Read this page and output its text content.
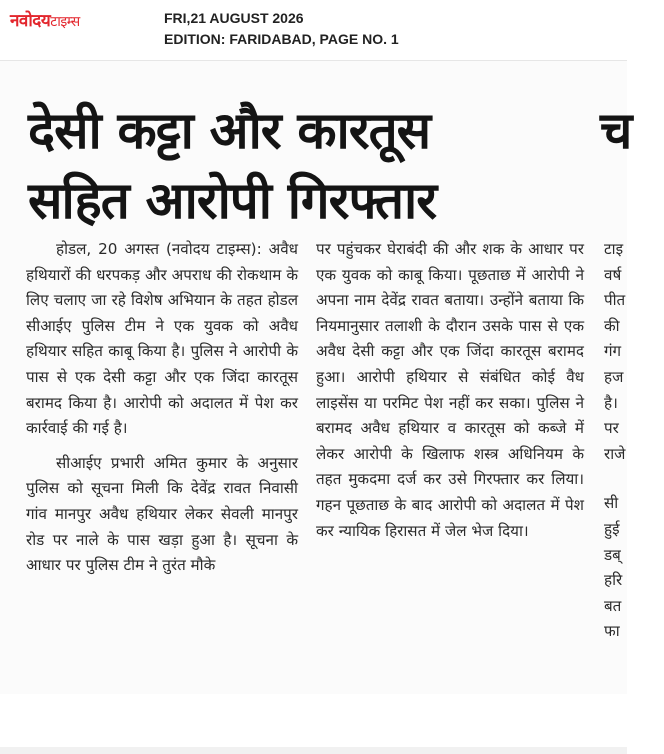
नवोदयटाइम्स	FRI,21 AUGUST 2026
EDITION: FARIDABAD, PAGE NO. 1
देसी कट्टा और कारतूस
सहित आरोपी गिरफ्तार
च

होडल, 20 अगस्त (नवोदय टाइम्स): अवैध हथियारों की धरपकड़ और अपराध की रोकथाम के लिए चलाए जा रहे विशेष अभियान के तहत होडल सीआईए पुलिस टीम ने एक युवक को अवैध हथियार सहित काबू किया है। पुलिस ने आरोपी के पास से एक देसी कट्टा और एक जिंदा कारतूस बरामद किया है। आरोपी को अदालत में पेश कर कार्रवाई की गई है।

सीआईए प्रभारी अमित कुमार के अनुसार पुलिस को सूचना मिली कि देवेंद्र रावत निवासी गांव मानपुर अवैध हथियार लेकर सेवली मानपुर रोड पर नाले के पास खड़ा हुआ है। सूचना के आधार पर पुलिस टीम ने तुरंत मौके

पर पहुंचकर घेराबंदी की और शक के आधार पर एक युवक को काबू किया। पूछताछ में आरोपी ने अपना नाम देवेंद्र रावत बताया। उन्होंने बताया कि नियमानुसार तलाशी के दौरान उसके पास से एक अवैध देसी कट्टा और एक जिंदा कारतूस बरामद हुआ। आरोपी हथियार से संबंधित कोई वैध लाइसेंस या परमिट पेश नहीं कर सका। पुलिस ने बरामद अवैध हथियार व कारतूस को कब्जे में लेकर आरोपी के खिलाफ शस्त्र अधिनियम के तहत मुकदमा दर्ज कर उसे गिरफ्तार कर लिया। गहन पूछताछ के बाद आरोपी को अदालत में पेश कर न्यायिक हिरासत में जेल भेज दिया।

टाइ
वर्ष
पीत
की
गंग
हज
है।
पर
राजे
सी
हुई
डब्
हरि
बत
फा
